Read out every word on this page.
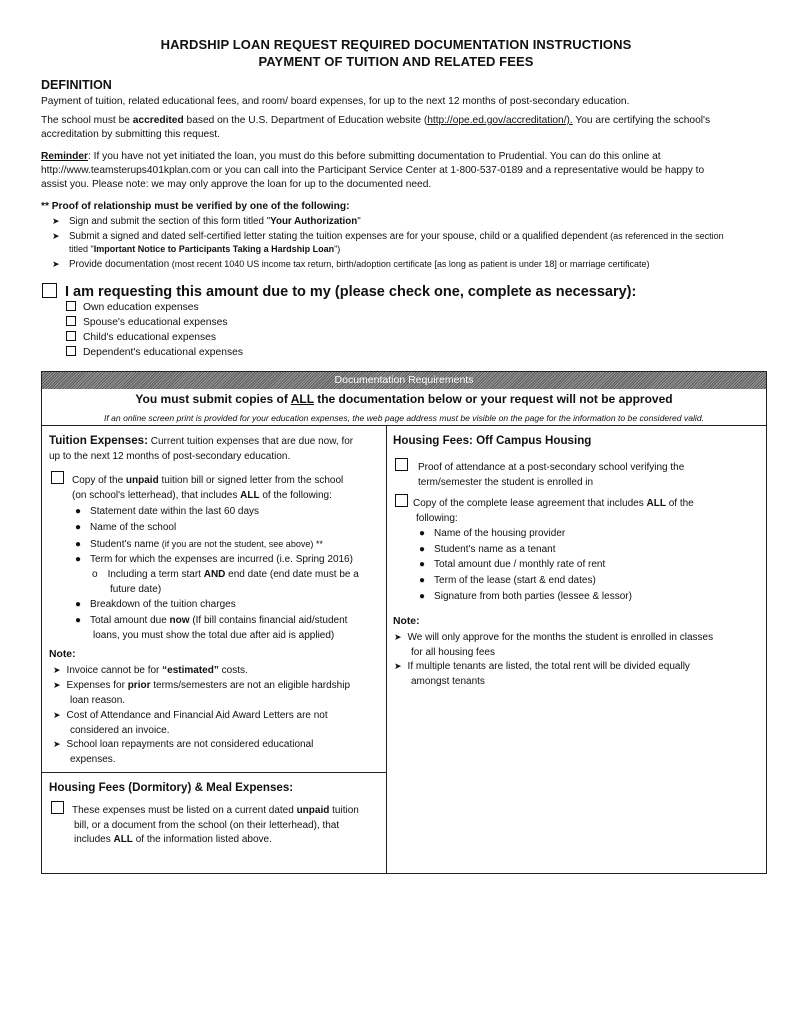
HARDSHIP LOAN REQUEST REQUIRED DOCUMENTATION INSTRUCTIONS
PAYMENT OF TUITION AND RELATED FEES
DEFINITION
Payment of tuition, related educational fees, and room/ board expenses, for up to the next 12 months of post-secondary education.
The school must be accredited based on the U.S. Department of Education website (http://ope.ed.gov/accreditation/). You are certifying the school's
accreditation by submitting this request.
Reminder: If you have not yet initiated the loan, you must do this before submitting documentation to Prudential. You can do this online at
http://www.teamsterups401kplan.com or you can call into the Participant Service Center at 1-800-537-0189 and a representative would be happy to
assist you. Please note: we may only approve the loan for up to the documented need.
** Proof of relationship must be verified by one of the following:
➤ Sign and submit the section of this form titled "Your Authorization"
➤ Submit a signed and dated self-certified letter stating the tuition expenses are for your spouse, child or a qualified dependent (as referenced in the section
titled "Important Notice to Participants Taking a Hardship Loan")
➤ Provide documentation (most recent 1040 US income tax return, birth/adoption certificate [as long as patient is under 18] or marriage certificate)
I am requesting this amount due to my (please check one, complete as necessary):
Own education expenses
Spouse's educational expenses
Child's educational expenses
Dependent's educational expenses
Documentation Requirements
You must submit copies of ALL the documentation below or your request will not be approved
If an online screen print is provided for your education expenses, the web page address must be visible on the page for the information to be considered valid.
Tuition Expenses: Current tuition expenses that are due now, for
up to the next 12 months of post-secondary education.
Copy of the unpaid tuition bill or signed letter from the school
(on school's letterhead), that includes ALL of the following:
● Statement date within the last 60 days
● Name of the school
● Student's name (if you are not the student, see above) **
● Term for which the expenses are incurred (i.e. Spring 2016)
o Including a term start AND end date (end date must be a
future date)
● Breakdown of the tuition charges
● Total amount due now (If bill contains financial aid/student
loans, you must show the total due after aid is applied)
Note:
➤ Invoice cannot be for “estimated” costs.
➤ Expenses for prior terms/semesters are not an eligible hardship
loan reason.
➤ Cost of Attendance and Financial Aid Award Letters are not
considered an invoice.
➤ School loan repayments are not considered educational
expenses.
Housing Fees (Dormitory) & Meal Expenses:
These expenses must be listed on a current dated unpaid tuition
bill, or a document from the school (on their letterhead), that
includes ALL of the information listed above.
Housing Fees: Off Campus Housing
Proof of attendance at a post-secondary school verifying the
term/semester the student is enrolled in
Copy of the complete lease agreement that includes ALL of the
following:
● Name of the housing provider
● Student's name as a tenant
● Total amount due / monthly rate of rent
● Term of the lease (start & end dates)
● Signature from both parties (lessee & lessor)
Note:
➤ We will only approve for the months the student is enrolled in classes
for all housing fees
➤ If multiple tenants are listed, the total rent will be divided equally
amongst tenants
